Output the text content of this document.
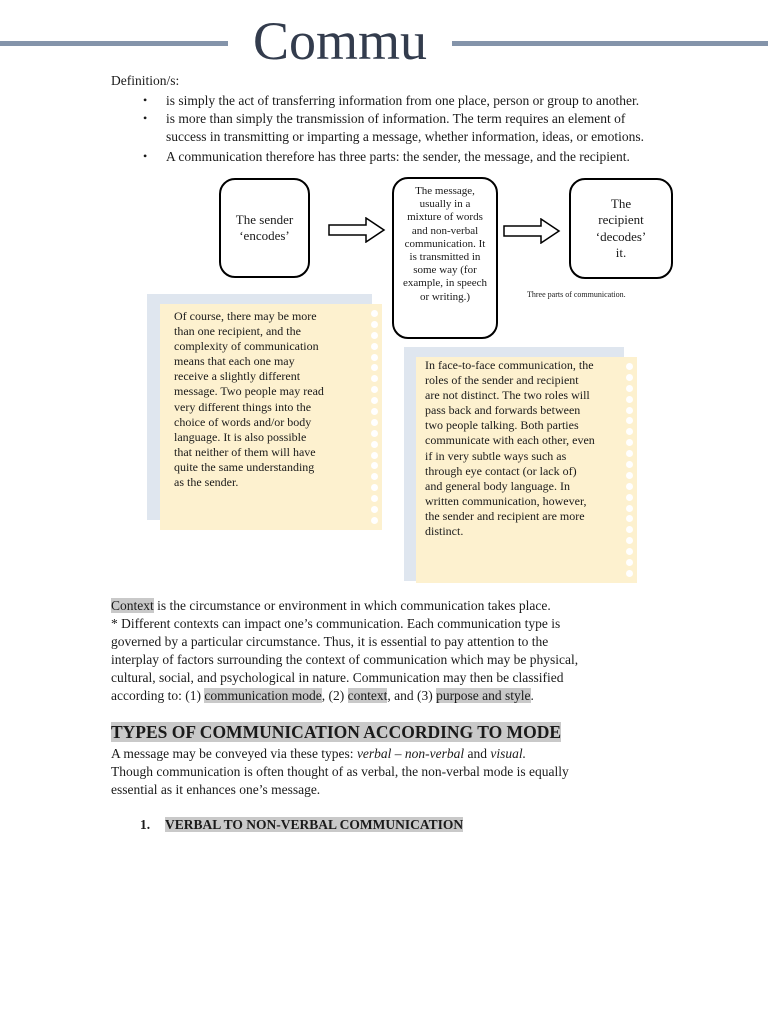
Commu
Definition/s:
• is simply the act of transferring information from one place, person or group to another.
• is more than simply the transmission of information. The term requires an element of
success in transmitting or imparting a message, whether information, ideas, or emotions.
• A communication therefore has three parts: the sender, the message, and the recipient.
The sender
‘encodes’
The message,
usually in a
mixture of words
and non-verbal
communication. It
is transmitted in
some way (for
example, in speech
or writing.)
The
recipient
‘decodes’
it.
Three parts of communication.

Of course, there may be more

than one recipient, and the

complexity of communication

means that each one may

receive a slightly different

message. Two people may read

very different things into the

choice of words and/or body

language. It is also possible

that neither of them will have

quite the same understanding

as the sender.

In face-to-face communication, the

roles of the sender and recipient

are not distinct. The two roles will

pass back and forwards between

two people talking. Both parties

communicate with each other, even

if in very subtle ways such as

through eye contact (or lack of)

and general body language. In

written communication, however,

the sender and recipient are more

distinct.

Context is the circumstance or environment in which communication takes place.
* Different contexts can impact one’s communication. Each communication type is
governed by a particular circumstance. Thus, it is essential to pay attention to the
interplay of factors surrounding the context of communication which may be physical,
cultural, social, and psychological in nature. Communication may then be classified
according to: (1) communication mode, (2) context, and (3) purpose and style.
TYPES OF COMMUNICATION ACCORDING TO MODE
A message may be conveyed via these types: verbal – non-verbal and visual.
Though communication is often thought of as verbal, the non-verbal mode is equally
essential as it enhances one’s message.
1. VERBAL TO NON-VERBAL COMMUNICATION
